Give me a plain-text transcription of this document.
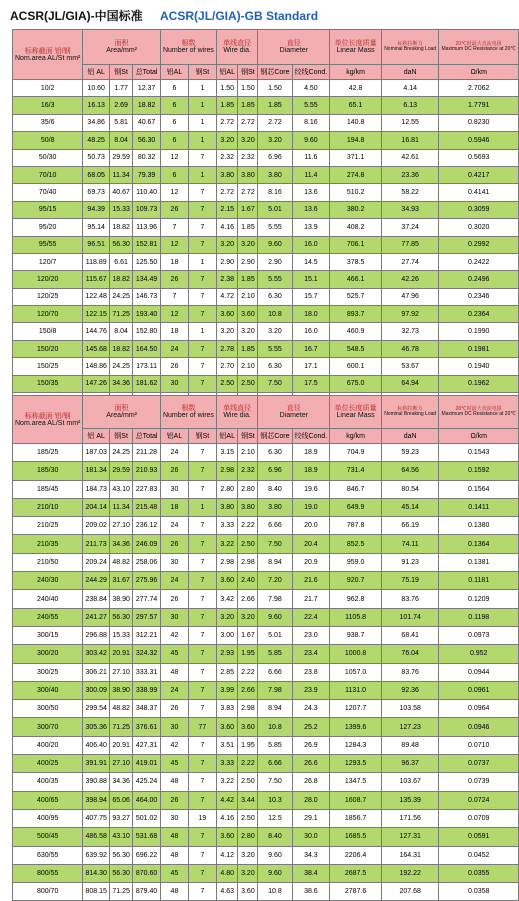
ACSR(JL/GIA)-中国标准 ACSR(JL/GIA)-GB Standard
标称截面 铝/钢
Nom.area AL/St mm²	面积
Area/mm²			根数
Number of wires		单线直径
Wire dia.		直径
Diameter		单位长度质量
Linear Mass	标称拉断力
Nominal Breaking Load	20℃时最大直流电阻
Maximum DC Resistance at 20℃

	铝 AL	钢St	总Total	铝AL	钢St	铝AL	钢St	钢芯Core	绞线Cond.	kg/km	daN	Ω/km
10/2	10.60	1.77	12.37	6	1	1.50	1.50	1.50	4.50	42.8	4.14	2.7062
16/3	16.13	2.69	18.82	6	1	1.85	1.85	1.85	5.55	65.1	6.13	1.7791
35/6	34.86	5.81	40.67	6	1	2.72	2.72	2.72	8.16	140.8	12.55	0.8230
50/8	48.25	8.04	56.30	6	1	3.20	3.20	3.20	9.60	194.8	16.81	0.5946
50/30	50.73	29.59	80.32	12	7	2.32	2.32	6.96	11.6	371.1	42.61	0.5693
70/10	68.05	11.34	79.39	6	1	3.80	3.80	3.80	11.4	274.8	23.36	0.4217
70/40	69.73	40.67	110.40	12	7	2.72	2.72	8.16	13.6	510.2	58.22	0.4141
95/15	94.39	15.33	109.73	26	7	2.15	1.67	5.01	13.6	380.2	34.93	0.3059
95/20	95.14	18.82	113.96	7	7	4.16	1.85	5.55	13.9	408.2	37.24	0.3020
95/55	96.51	56.30	152.81	12	7	3.20	3.20	9.60	16.0	706.1	77.85	0.2992
120/7	118.89	6.61	125.50	18	1	2.90	2.90	2.90	14.5	378.5	27.74	0.2422
120/20	115.67	18.82	134.49	26	7	2.38	1.85	5.55	15.1	466.1	42.26	0.2496
120/25	122.48	24.25	146.73	7	7	4.72	2.10	6.30	15.7	525.7	47.96	0.2346
120/70	122.15	71.25	193.40	12	7	3.60	3.60	10.8	18.0	893.7	97.92	0.2364
150/8	144.76	8.04	152.80	18	1	3.20	3.20	3.20	16.0	460.9	32.73	0.1990
150/20	145.68	18.82	164.50	24	7	2.78	1.85	5.55	16.7	548.5	46.78	0.1981
150/25	148.86	24.25	173.11	26	7	2.70	2.10	6.30	17.1	600.1	53.67	0.1940
150/35	147.26	34.36	181.62	30	7	2.50	2.50	7.50	17.5	675.0	64.94	0.1962

标称截面 铝/钢
Nom.area AL/St mm²	面积
Area/mm²			根数
Number of wires		单线直径
Wire dia.		直径
Diameter		单位长度质量
Linear Mass	标称拉断力
Nominal Breaking Load	20℃时最大直流电阻
Maximum DC Resistance at 20℃

	铝 AL	钢St	总Total	铝AL	钢St	铝AL	钢St	钢芯Core	绞线Cond.	kg/km	daN	Ω/km
185/25	187.03	24.25	211.28	24	7	3.15	2.10	6.30	18.9	704.9	59.23	0.1543
185/30	181.34	29.59	210.93	26	7	2.98	2.32	6.96	18.9	731.4	64.56	0.1592
185/45	184.73	43.10	227.83	30	7	2.80	2.80	8.40	19.6	846.7	80.54	0.1564
210/10	204.14	11.34	215.48	18	1	3.80	3.80	3.80	19.0	649.9	45.14	0.1411
210/25	209.02	27.10	236.12	24	7	3.33	2.22	6.66	20.0	787.8	66.19	0.1380
210/35	211.73	34.36	246.09	26	7	3.22	2.50	7.50	20.4	852.5	74.11	0.1364
210/50	209.24	48.82	258.06	30	7	2.98	2.98	8.94	20.9	959.0	91.23	0.1381
240/30	244.29	31.67	275.96	24	7	3.60	2.40	7.20	21.6	920.7	75.19	0.1181
240/40	238.84	38.90	277.74	26	7	3.42	2.66	7.98	21.7	962.8	83.76	0.1209
240/55	241.27	56.30	297.57	30	7	3.20	3.20	9.60	22.4	1105.8	101.74	0.1198
300/15	296.88	15.33	312.21	42	7	3.00	1.67	5.01	23.0	938.7	68.41	0.0973
300/20	303.42	20.91	324.32	45	7	2.93	1.95	5.85	23.4	1000.8	76.04	0.952
300/25	306.21	27.10	333.31	48	7	2.85	2.22	6.66	23.8	1057.0	83.76	0.0944
300/40	300.09	38.90	338.99	24	7	3.99	2.66	7.98	23.9	1131.0	92.36	0.0961
300/50	299.54	48.82	348.37	26	7	3.83	2.98	8.94	24.3	1207.7	103.58	0.0964
300/70	305.36	71.25	376.61	30	77	3.60	3.60	10.8	25.2	1399.6	127.23	0.0946
400/20	406.40	20.91	427.31	42	7	3.51	1.95	5.85	26.9	1284.3	89.48	0.0710
400/25	391.91	27.10	419.01	45	7	3.33	2.22	6.66	26.6	1293.5	96.37	0.0737
400/35	390.88	34.36	425.24	48	7	3.22	2.50	7.50	26.8	1347.5	103.67	0.0739
400/65	398.94	65.06	464.00	26	7	4.42	3.44	10.3	28.0	1608.7	135.39	0.0724
400/95	407.75	93.27	501.02	30	19	4.16	2.50	12.5	29.1	1856.7	171.56	0.0709
500/45	486.58	43.10	531.68	48	7	3.60	2.80	8.40	30.0	1685.5	127.31	0.0591
630/55	639.92	56.30	696.22	48	7	4.12	3.20	9.60	34.3	2206.4	164.31	0.0452
800/55	814.30	56.30	870.60	45	7	4.80	3.20	9.60	38.4	2687.5	192.22	0.0355
800/70	808.15	71.25	879.40	48	7	4.63	3.60	10.8	38.6	2787.6	207.68	0.0358
